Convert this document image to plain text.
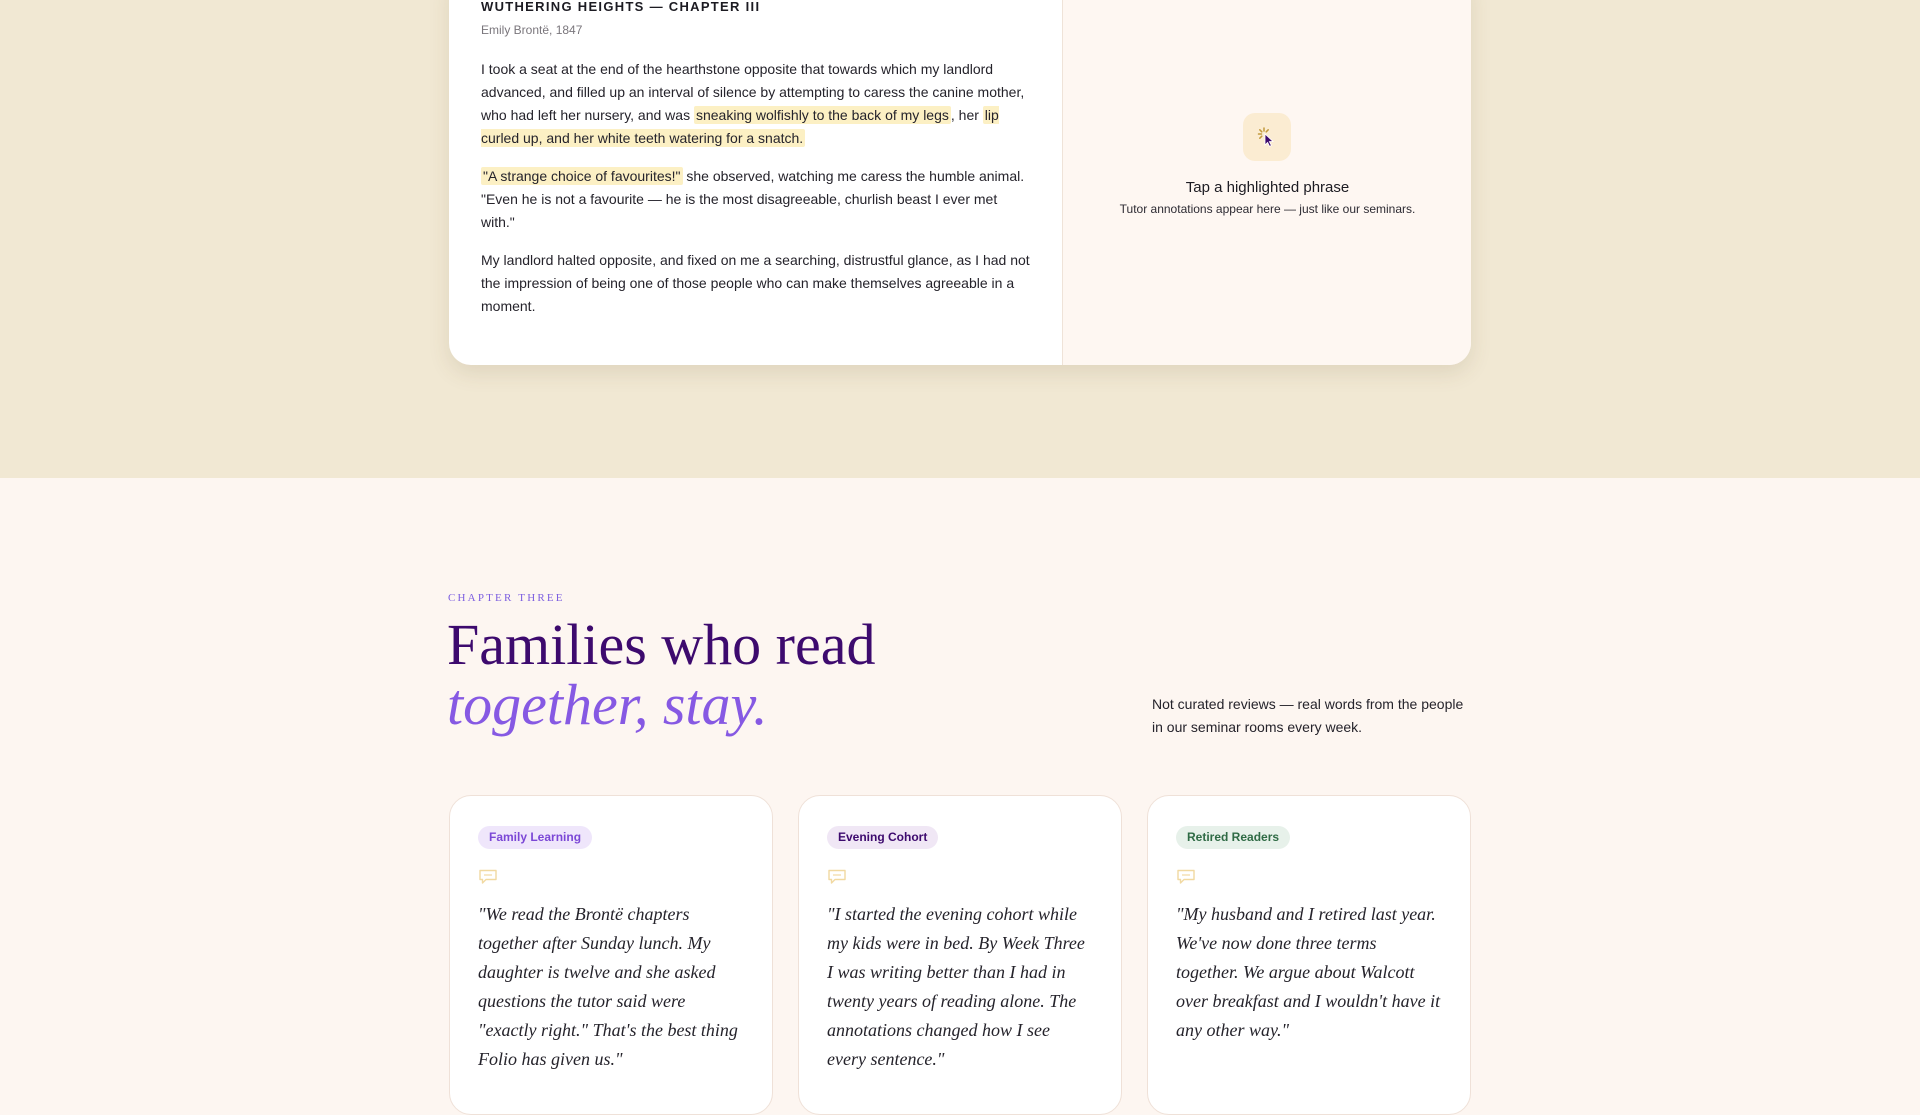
WUTHERING HEIGHTS — CHAPTER III
Emily Brontë, 1847

I took a seat at the end of the hearthstone opposite that towards which my landlord advanced, and filled up an interval of silence by attempting to caress the canine mother, who had left her nursery, and was sneaking wolfishly to the back of my legs , her lip curled up, and her white teeth watering for a snatch.

"A strange choice of favourites!" she observed, watching me caress the humble animal. "Even he is not a favourite — he is the most disagreeable, churlish beast I ever met with."

My landlord halted opposite, and fixed on me a searching, distrustful glance, as I had not the impression of being one of those people who can make themselves agreeable in a moment.

Tap a highlighted phrase
Tutor annotations appear here — just like our seminars.
CHAPTER THREE
Families who read
together, stay.	Not curated reviews — real words from the people in our seminar rooms every week.
Family Learning
"We read the Brontë chapters together after Sunday lunch. My daughter is twelve and she asked questions the tutor said were "exactly right." That's the best thing Folio has given us."
Evening Cohort
"I started the evening cohort while my kids were in bed. By Week Three I was writing better than I had in twenty years of reading alone. The annotations changed how I see every sentence."
Retired Readers
"My husband and I retired last year. We've now done three terms together. We argue about Walcott over breakfast and I wouldn't have it any other way."
